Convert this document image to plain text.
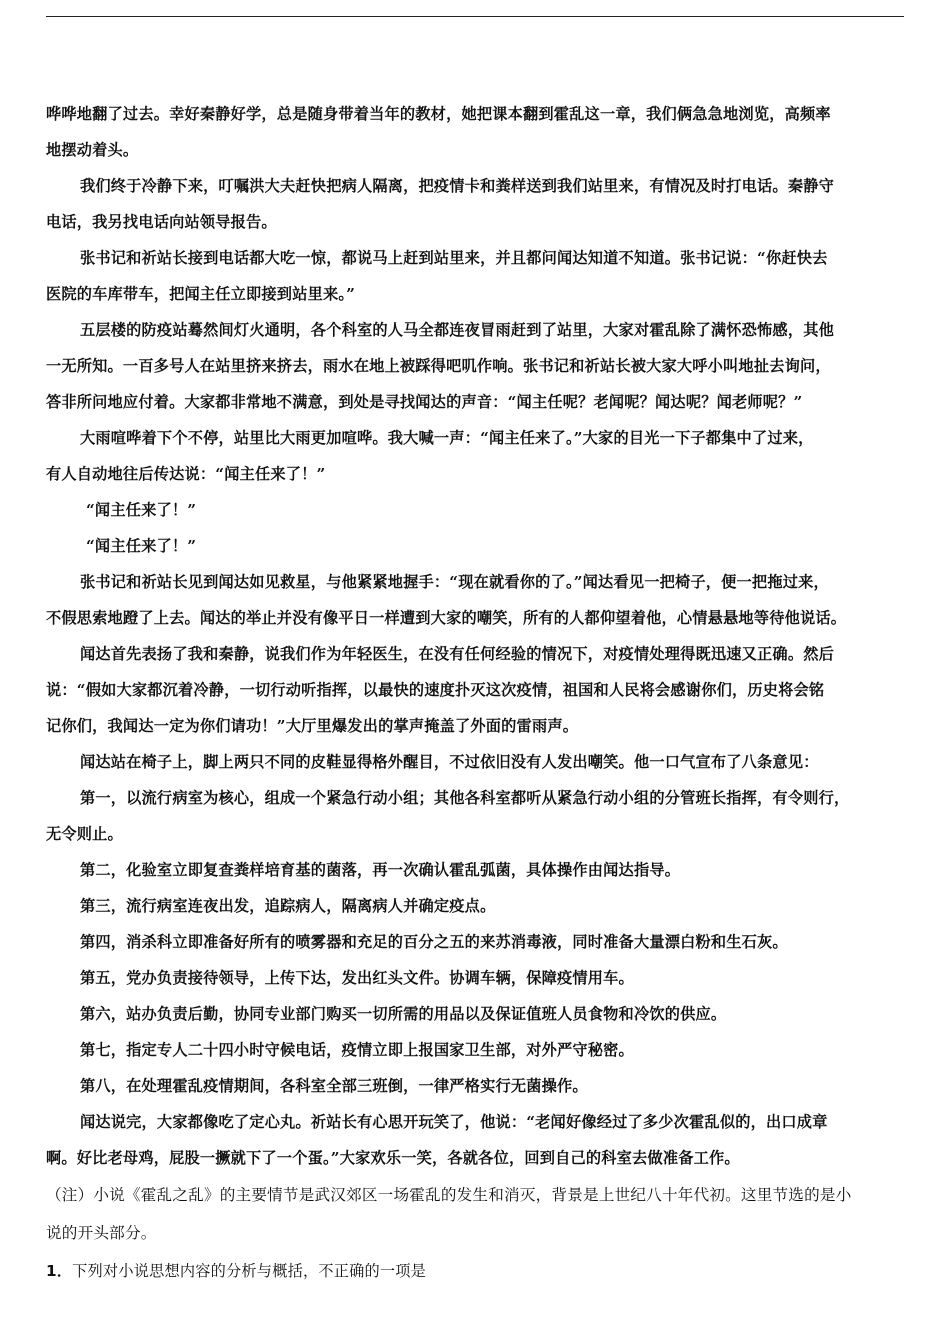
哗哗地翻了过去。幸好秦静好学，总是随身带着当年的教材，她把课本翻到霍乱这一章，我们俩急急地浏览，高频率
地摆动着头。
我们终于冷静下来，叮嘱洪大夫赶快把病人隔离，把疫情卡和粪样送到我们站里来，有情况及时打电话。秦静守
电话，我另找电话向站领导报告。
张书记和祈站长接到电话都大吃一惊，都说马上赶到站里来，并且都问闻达知道不知道。张书记说：“你赶快去
医院的车库带车，把闻主任立即接到站里来。”
五层楼的防疫站蓦然间灯火通明，各个科室的人马全都连夜冒雨赶到了站里，大家对霍乱除了满怀恐怖感，其他
一无所知。一百多号人在站里挤来挤去，雨水在地上被踩得吧叽作响。张书记和祈站长被大家大呼小叫地扯去询问，
答非所问地应付着。大家都非常地不满意，到处是寻找闻达的声音：“闻主任呢？老闻呢？闻达呢？闻老师呢？”
大雨喧哗着下个不停，站里比大雨更加喧哗。我大喊一声：“闻主任来了。”大家的目光一下子都集中了过来，
有人自动地往后传达说：“闻主任来了！”
“闻主任来了！”
“闻主任来了！”
张书记和祈站长见到闻达如见救星，与他紧紧地握手：“现在就看你的了。”闻达看见一把椅子，便一把拖过来，
不假思索地蹬了上去。闻达的举止并没有像平日一样遭到大家的嘲笑，所有的人都仰望着他，心情悬悬地等待他说话。
闻达首先表扬了我和秦静，说我们作为年轻医生，在没有任何经验的情况下，对疫情处理得既迅速又正确。然后
说：“假如大家都沉着冷静，一切行动听指挥，以最快的速度扑灭这次疫情，祖国和人民将会感谢你们，历史将会铭
记你们，我闻达一定为你们请功！”大厅里爆发出的掌声掩盖了外面的雷雨声。
闻达站在椅子上，脚上两只不同的皮鞋显得格外醒目，不过依旧没有人发出嘲笑。他一口气宣布了八条意见：
第一，以流行病室为核心，组成一个紧急行动小组；其他各科室都听从紧急行动小组的分管班长指挥，有令则行，
无令则止。
第二，化验室立即复查粪样培育基的菌落，再一次确认霍乱弧菌，具体操作由闻达指导。
第三，流行病室连夜出发，追踪病人，隔离病人并确定疫点。
第四，消杀科立即准备好所有的喷雾器和充足的百分之五的来苏消毒液，同时准备大量漂白粉和生石灰。
第五，党办负责接待领导，上传下达，发出红头文件。协调车辆，保障疫情用车。
第六，站办负责后勤，协同专业部门购买一切所需的用品以及保证值班人员食物和冷饮的供应。
第七，指定专人二十四小时守候电话，疫情立即上报国家卫生部，对外严守秘密。
第八，在处理霍乱疫情期间，各科室全部三班倒，一律严格实行无菌操作。
闻达说完，大家都像吃了定心丸。祈站长有心思开玩笑了，他说：“老闻好像经过了多少次霍乱似的，出口成章
啊。好比老母鸡，屁股一撅就下了一个蛋。”大家欢乐一笑，各就各位，回到自己的科室去做准备工作。
（注）小说《霍乱之乱》的主要情节是武汉郊区一场霍乱的发生和消灭，背景是上世纪八十年代初。这里节选的是小
说的开头部分。
1．下列对小说思想内容的分析与概括，不正确的一项是
